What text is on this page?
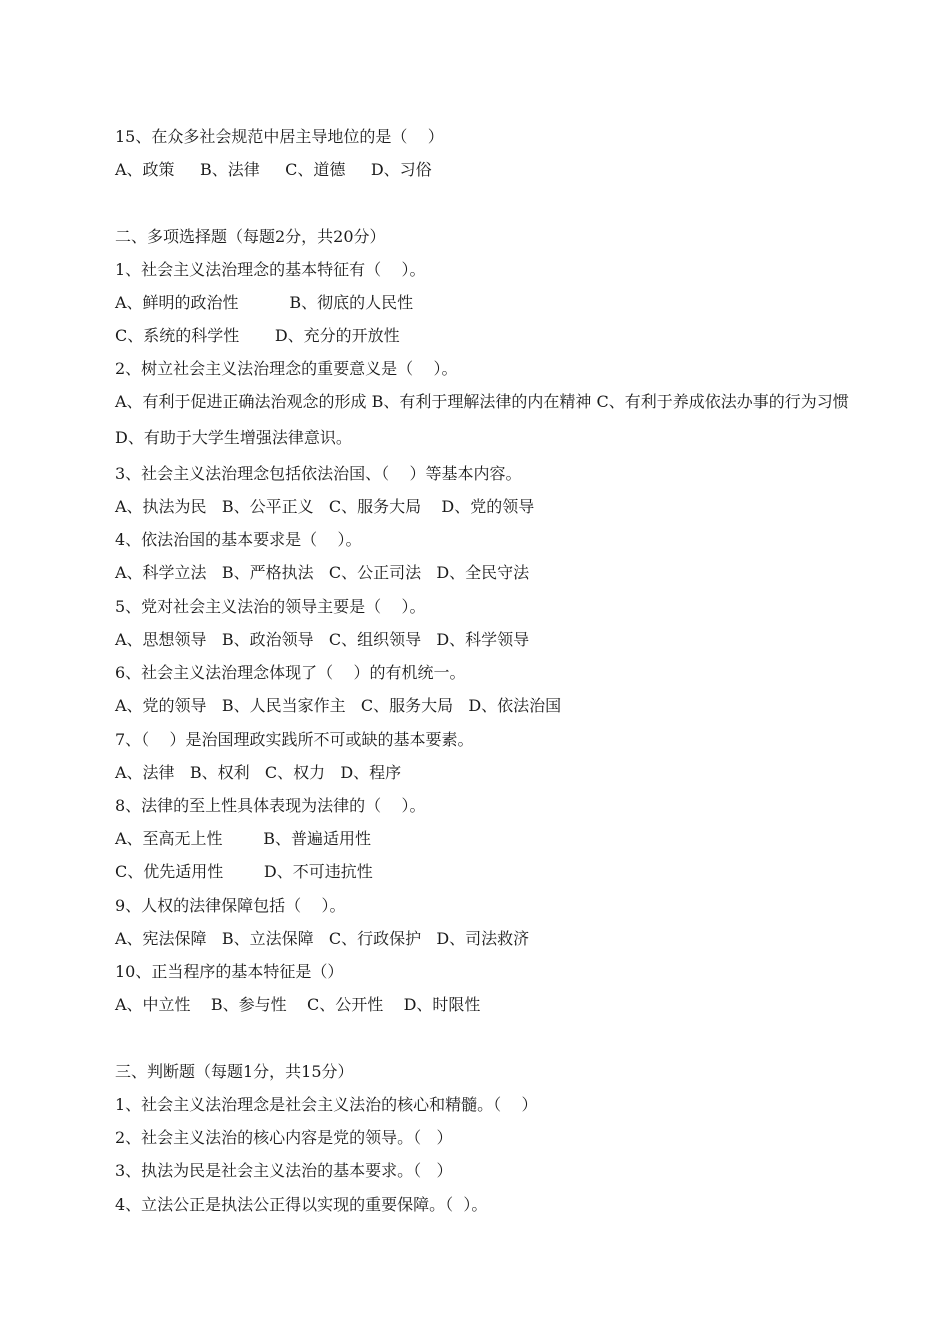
15、在众多社会规范中居主导地位的是（    ）
A、政策     B、法律     C、道德     D、习俗
二、多项选择题（每题2分，共20分）
1、社会主义法治理念的基本特征有（    ）。
A、鲜明的政治性          B、彻底的人民性
C、系统的科学性       D、充分的开放性
2、树立社会主义法治理念的重要意义是（    ）。
A、有利于促进正确法治观念的形成 B、有利于理解法律的内在精神 C、有利于养成依法办事的行为习惯 D、有助于大学生增强法律意识。
3、社会主义法治理念包括依法治国、（    ）等基本内容。
A、执法为民   B、公平正义   C、服务大局    D、党的领导
4、依法治国的基本要求是（    ）。
A、科学立法   B、严格执法   C、公正司法   D、全民守法
5、党对社会主义法治的领导主要是（    ）。
A、思想领导   B、政治领导   C、组织领导   D、科学领导
6、社会主义法治理念体现了（    ）的有机统一。
A、党的领导   B、人民当家作主   C、服务大局   D、依法治国
7、（    ）是治国理政实践所不可或缺的基本要素。
A、法律   B、权利   C、权力   D、程序
8、法律的至上性具体表现为法律的（    ）。
A、至高无上性        B、普遍适用性
C、优先适用性        D、不可违抗性
9、人权的法律保障包括（    ）。
A、宪法保障   B、立法保障   C、行政保护   D、司法救济
10、正当程序的基本特征是（）
A、中立性    B、参与性    C、公开性    D、时限性
三、判断题（每题1分，共15分）
1、社会主义法治理念是社会主义法治的核心和精髓。（    ）
2、社会主义法治的核心内容是党的领导。（   ）
3、执法为民是社会主义法治的基本要求。（   ）
4、立法公正是执法公正得以实现的重要保障。（  ）。
